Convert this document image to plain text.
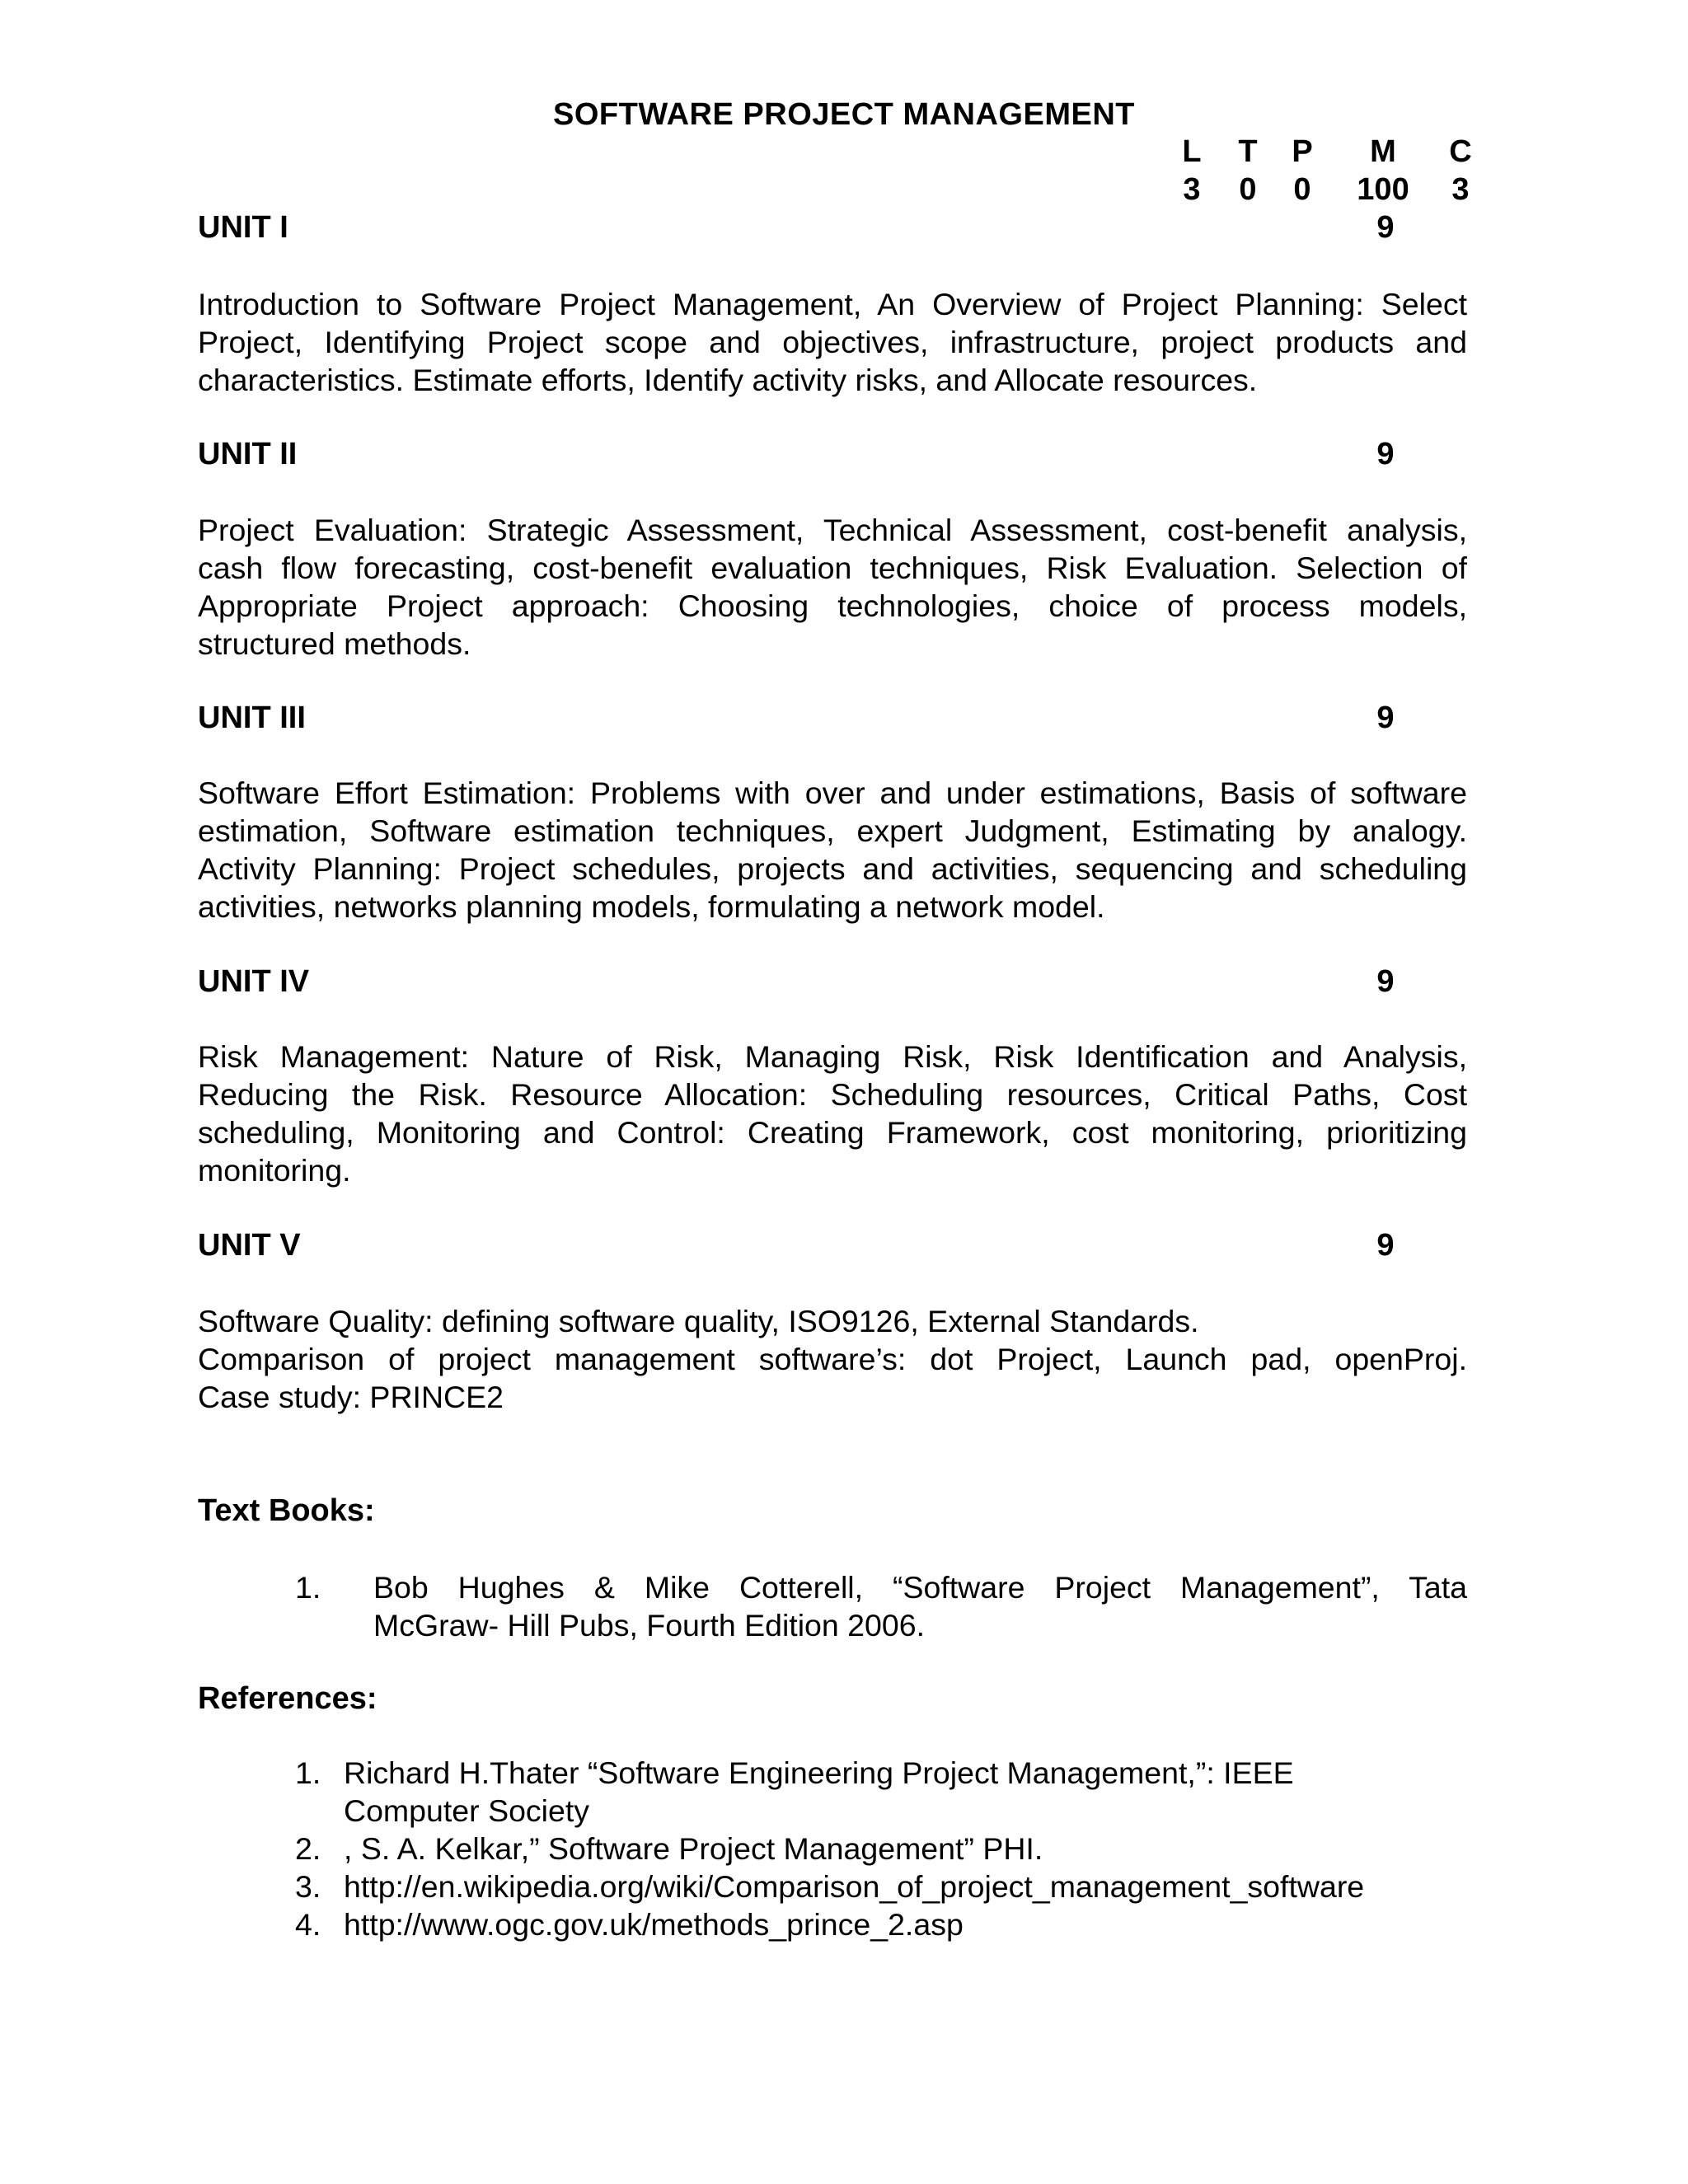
SOFTWARE PROJECT MANAGEMENT
L T P	M	C
3 0 0 100 3
UNIT I	9
Introduction to Software Project Management, An Overview of Project Planning: Select
Project, Identifying Project scope and objectives, infrastructure, project products and
characteristics. Estimate efforts, Identify activity risks, and Allocate resources.
UNIT II	9
Project Evaluation: Strategic Assessment, Technical Assessment, cost-benefit analysis,
cash flow forecasting, cost-benefit evaluation techniques, Risk Evaluation. Selection of
Appropriate Project approach: Choosing technologies, choice of process models,
structured methods.
UNIT III	9
Software Effort Estimation: Problems with over and under estimations, Basis of software
estimation, Software estimation techniques, expert Judgment, Estimating by analogy.
Activity Planning: Project schedules, projects and activities, sequencing and scheduling
activities, networks planning models, formulating a network model.
UNIT IV	9
Risk Management: Nature of Risk, Managing Risk, Risk Identification and Analysis,
Reducing the Risk. Resource Allocation: Scheduling resources, Critical Paths, Cost
scheduling, Monitoring and Control: Creating Framework, cost monitoring, prioritizing
monitoring.
UNIT V	9
Software Quality: defining software quality, ISO9126, External Standards.
Comparison of project management software’s: dot Project, Launch pad, openProj.
Case study: PRINCE2
Text Books:
1. Bob Hughes & Mike Cotterell, “Software Project Management”, Tata
McGraw- Hill Pubs, Fourth Edition 2006.
References:
1. Richard H.Thater “Software Engineering Project Management,”: IEEE
Computer Society
2. , S. A. Kelkar,” Software Project Management” PHI.
3. http://en.wikipedia.org/wiki/Comparison_of_project_management_software
4. http://www.ogc.gov.uk/methods_prince_2.asp
